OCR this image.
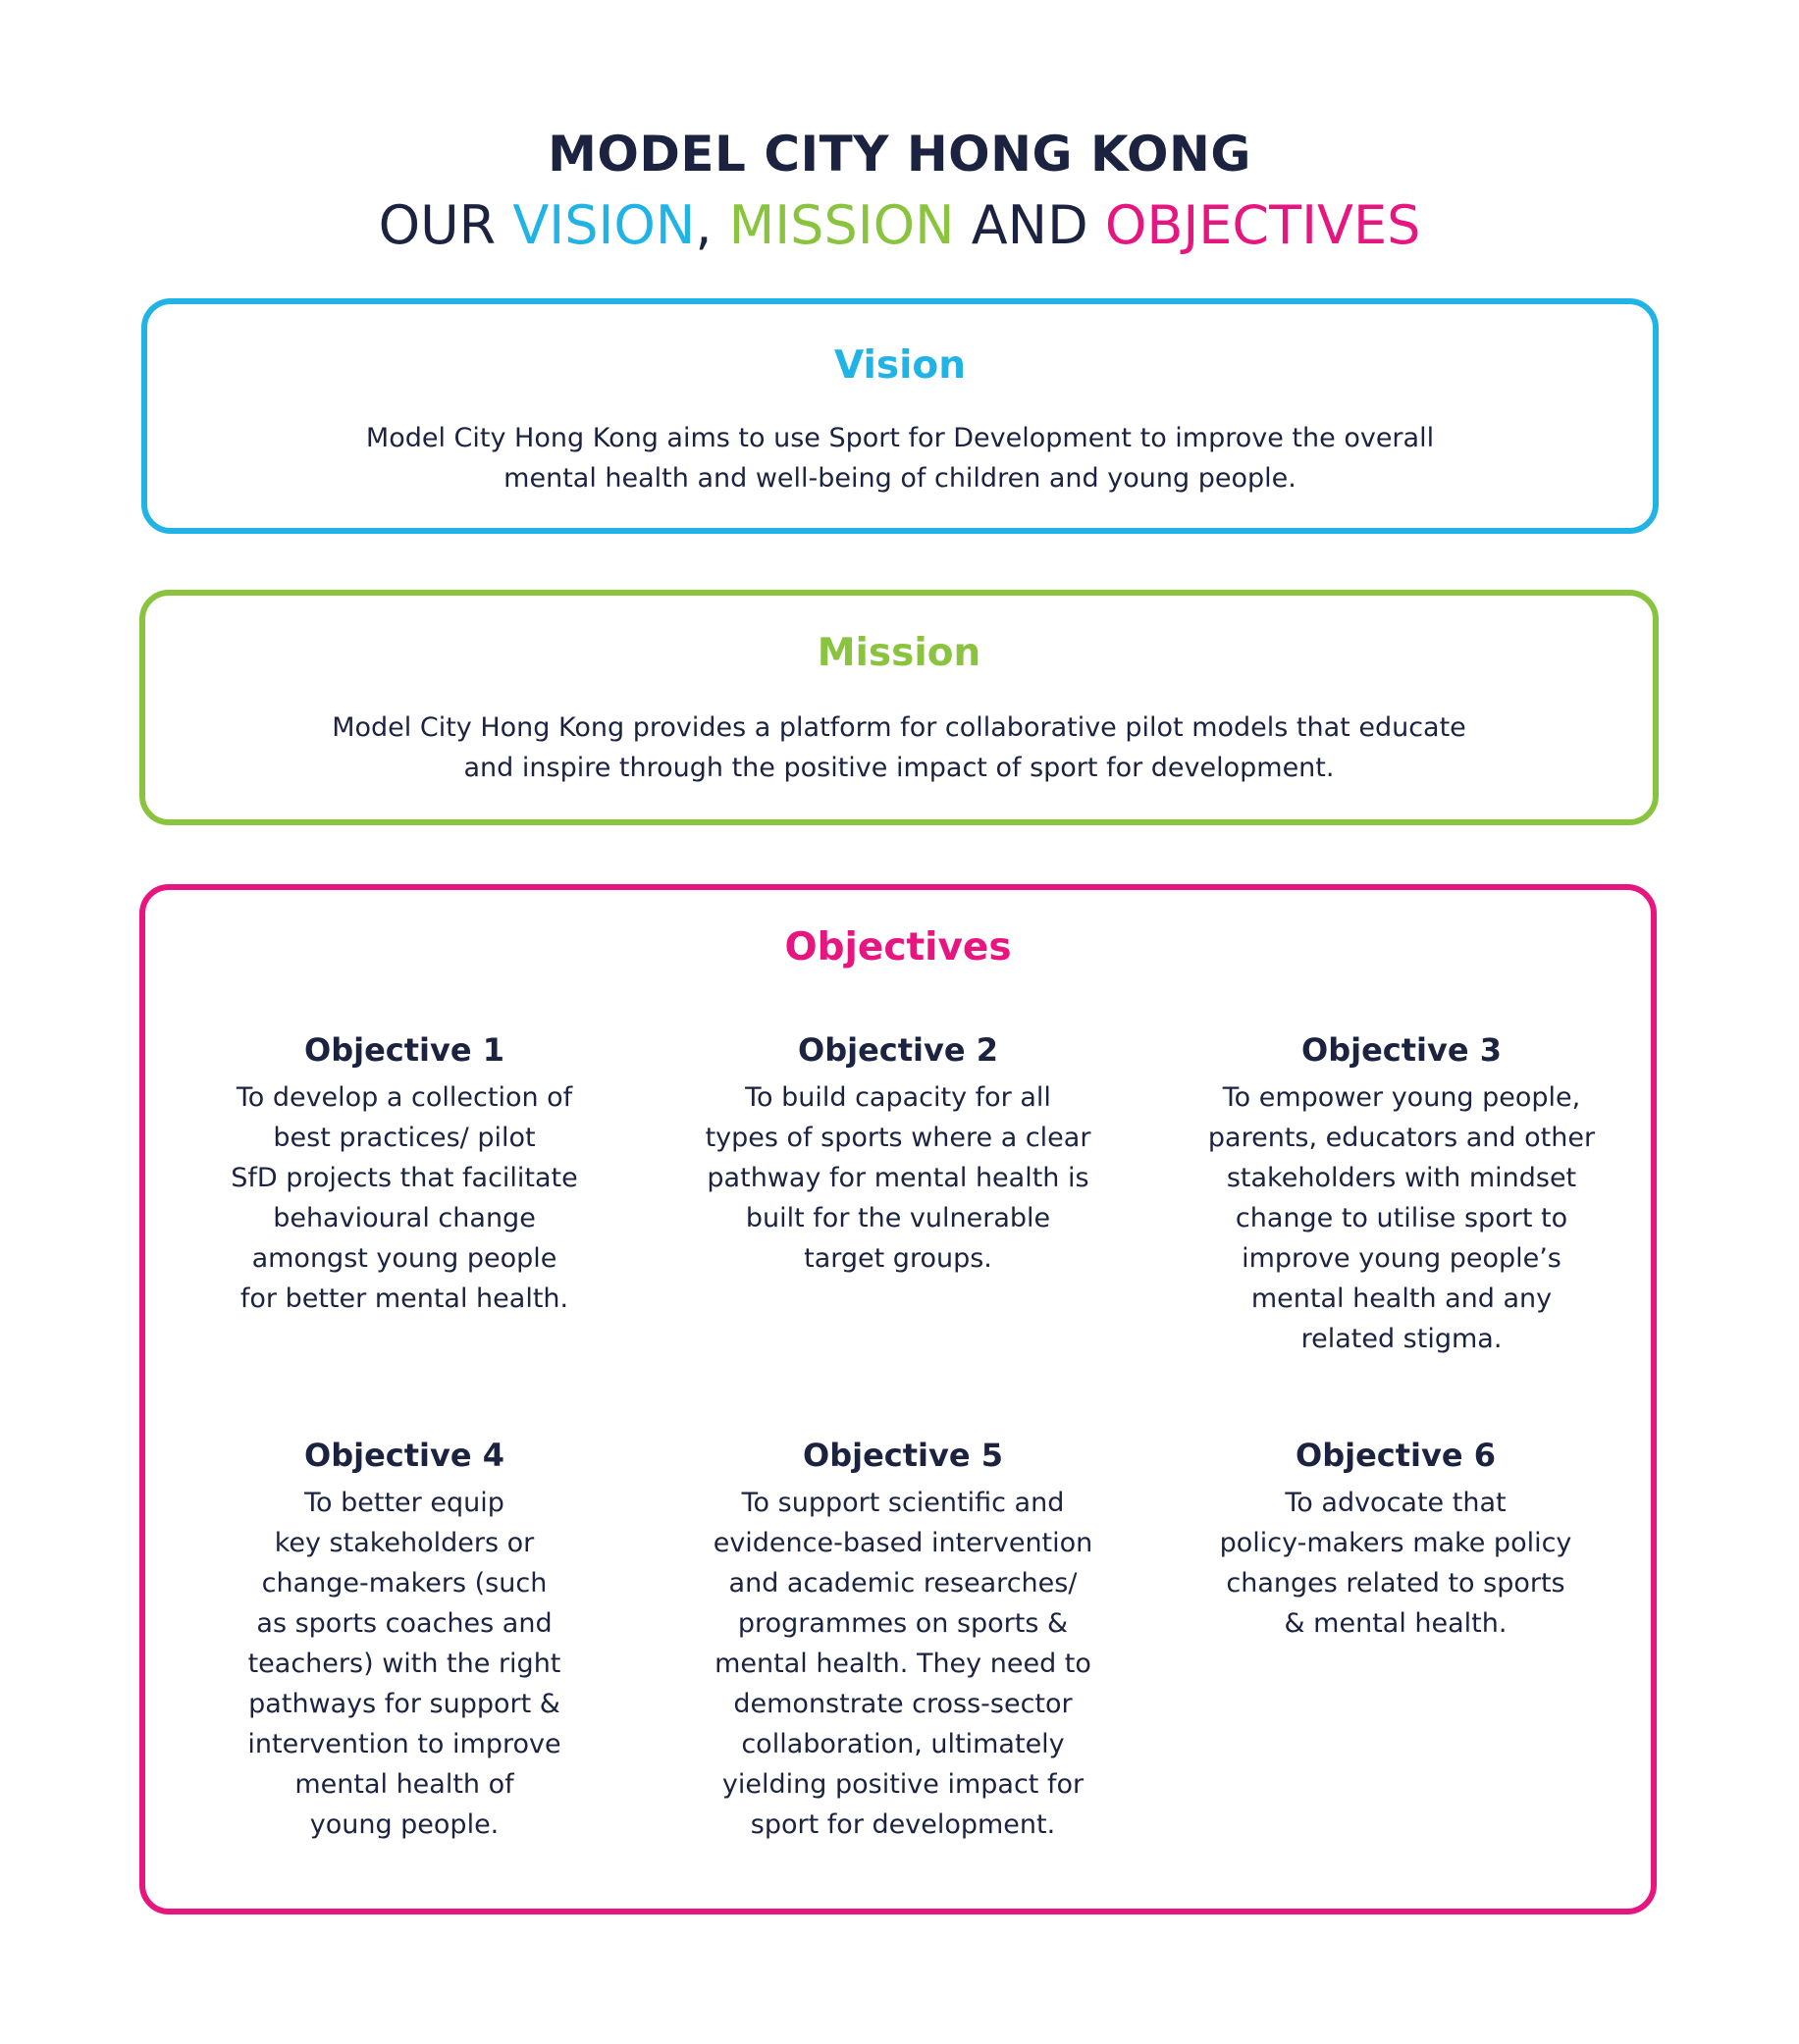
MODEL CITY HONG KONG
OUR VISION, MISSION AND OBJECTIVES
Vision
Model City Hong Kong aims to use Sport for Development to improve the overall
mental health and well-being of children and young people.
Mission
Model City Hong Kong provides a platform for collaborative pilot models that educate
and inspire through the positive impact of sport for development.
Objectives
Objective 1
To develop a collection of
best practices/ pilot
SfD projects that facilitate
behavioural change
amongst young people
for better mental health.
Objective 2
To build capacity for all
types of sports where a clear
pathway for mental health is
built for the vulnerable
target groups.
Objective 3
To empower young people,
parents, educators and other
stakeholders with mindset
change to utilise sport to
improve young people’s
mental health and any
related stigma.
Objective 4
To better equip
key stakeholders or
change-makers (such
as sports coaches and
teachers) with the right
pathways for support &
intervention to improve
mental health of
young people.
Objective 5
To support scientific and
evidence-based intervention
and academic researches/
programmes on sports &
mental health. They need to
demonstrate cross-sector
collaboration, ultimately
yielding positive impact for
sport for development.
Objective 6
To advocate that
policy-makers make policy
changes related to sports
& mental health.
